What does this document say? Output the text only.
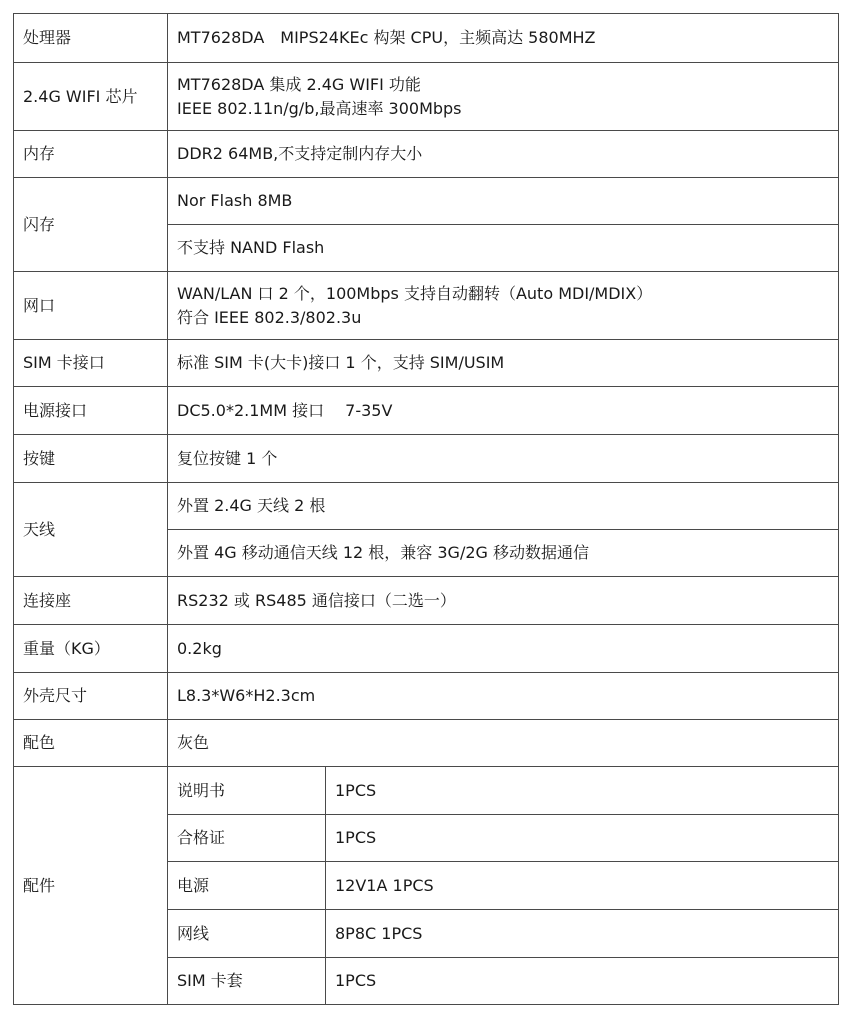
处理器	MT7628DA　MIPS24KEc 构架 CPU，主频高达 580MHZ	
2.4G WIFI 芯片	MT7628DA 集成 2.4G WIFI 功能
IEEE 802.11n/g/b,最高速率 300Mbps	

内存	DDR2 64MB,不支持定制内存大小	
闪存	Nor Flash 8MB	
	不支持 NAND Flash	
网口	WAN/LAN 口 2 个，100Mbps 支持自动翻转（Auto MDI/MDIX）
符合 IEEE 802.3/802.3u	

SIM 卡接口	标准 SIM 卡(大卡)接口 1 个，支持 SIM/USIM	
电源接口	DC5.0*2.1MM 接口　 7-35V	
按键	复位按键 1 个	
天线	外置 2.4G 天线 2 根	
	外置 4G 移动通信天线 12 根，兼容 3G/2G 移动数据通信	
连接座	RS232 或 RS485 通信接口（二选一）	
重量（KG）	0.2kg	
外壳尺寸	L8.3*W6*H2.3cm	
配色	灰色	
配件	说明书	1PCS
	合格证	1PCS
	电源	12V1A 1PCS
	网线	8P8C 1PCS
	SIM 卡套	1PCS
